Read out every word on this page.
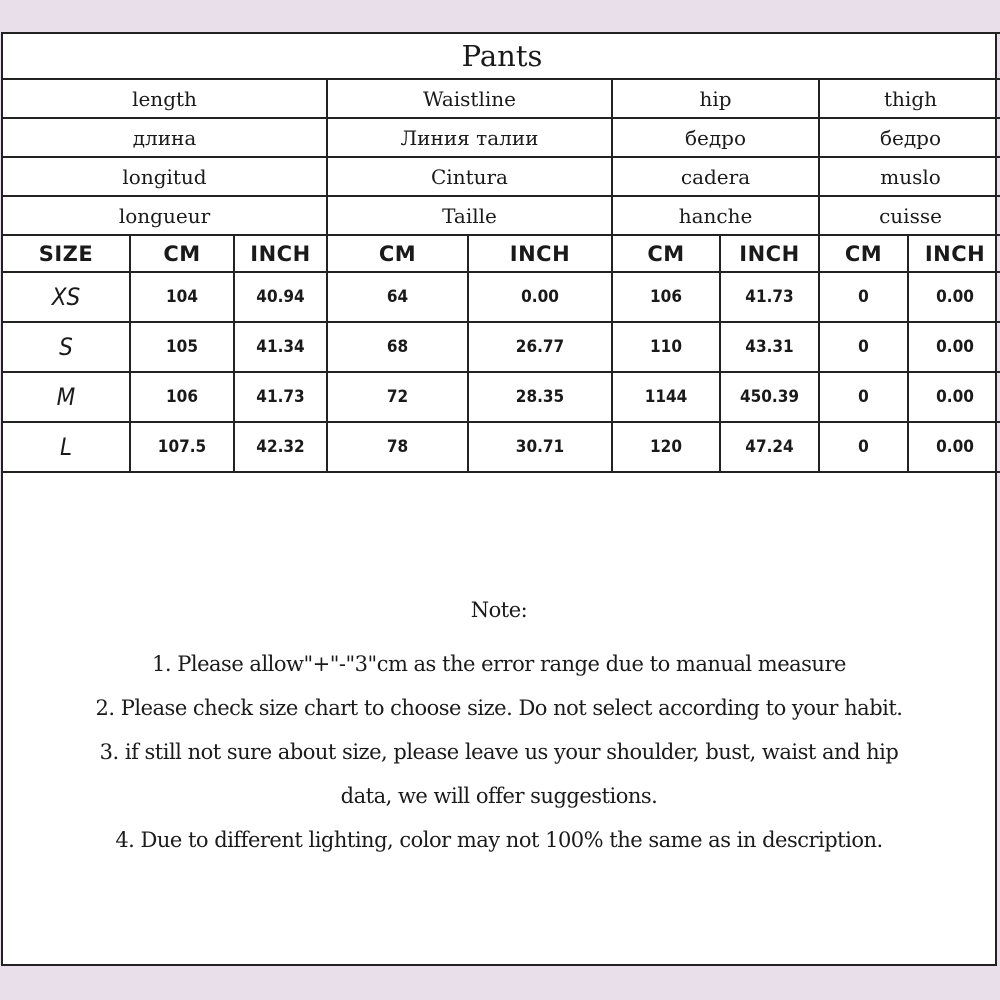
Pants								
length			Waistline		hip		thigh	
длина			Линия талии		бедро		бедро	
longitud			Cintura		cadera		muslo	
longueur			Taille		hanche		cuisse	
SIZE	CM	INCH	CM	INCH	CM	INCH	CM	INCH
XS	104	40.94	64	0.00	106	41.73	0	0.00
S	105	41.34	68	26.77	110	43.31	0	0.00
M	106	41.73	72	28.35	1144	450.39	0	0.00
L	107.5	42.32	78	30.71	120	47.24	0	0.00
Note:
1. Please allow"+"-"3"cm as the error range due to manual measure
2. Please check size chart to choose size. Do not select according to your habit.
3. if still not sure about size, please leave us your shoulder, bust, waist and hip
data, we will offer suggestions.
4. Due to different lighting, color may not 100% the same as in description.
